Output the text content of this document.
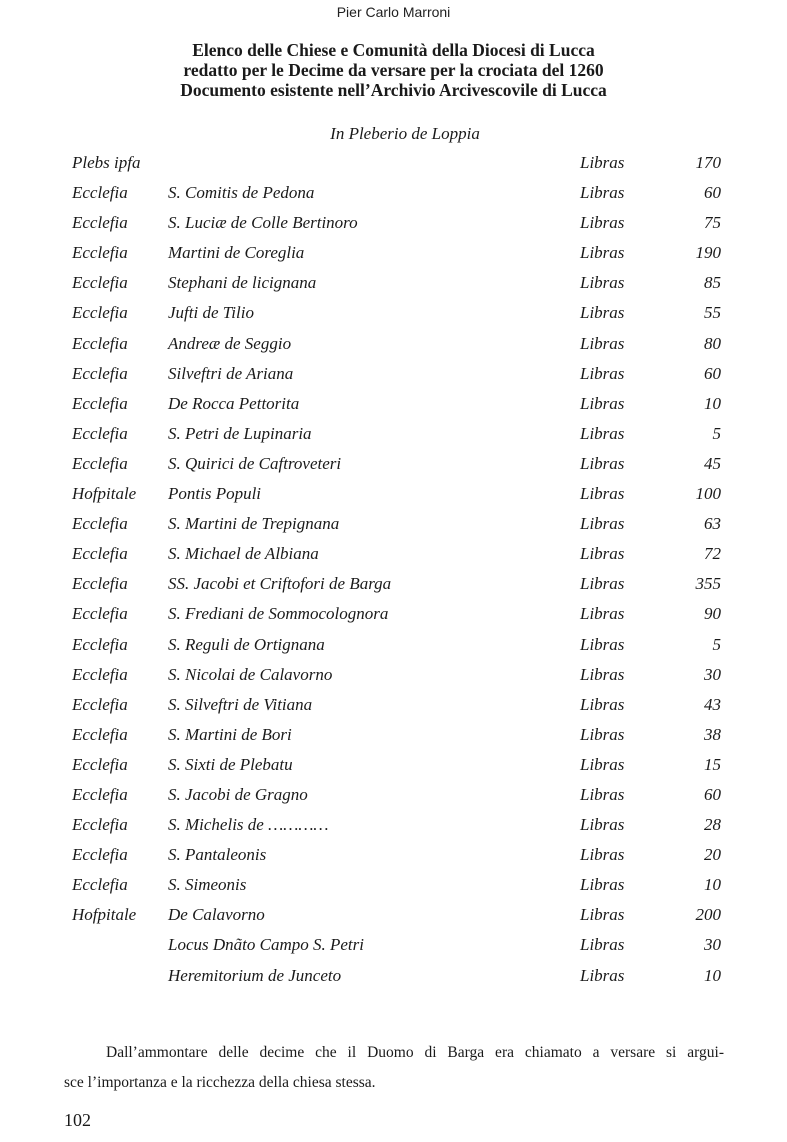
Pier Carlo Marroni
Elenco delle Chiese e Comunità della Diocesi di Lucca
redatto per le Decime da versare per la crociata del 1260
Documento esistente nell’Archivio Arcivescovile di Lucca
In Pleberio de Loppia
Plebs ipfa	Libras	170
Ecclefia S. Comitis de Pedona	Libras	60
Ecclefia S. Luciæ de Colle Bertinoro	Libras	75
Ecclefia Martini de Coreglia	Libras	190
Ecclefia Stephani de licignana	Libras	85
Ecclefia Jufti de Tilio	Libras	55
Ecclefia Andreæ de Seggio	Libras	80
Ecclefia Silveftri de Ariana	Libras	60
Ecclefia De Rocca Pettorita	Libras	10
Ecclefia S. Petri de Lupinaria	Libras	5
Ecclefia S. Quirici de Caftroveteri	Libras	45
Hofpitale Pontis Populi	Libras	100
Ecclefia S. Martini de Trepignana	Libras	63
Ecclefia S. Michael de Albiana	Libras	72
Ecclefia SS. Jacobi et Criftofori de Barga	Libras	355
Ecclefia S. Frediani de Sommocolognora	Libras	90
Ecclefia S. Reguli de Ortignana	Libras	5
Ecclefia S. Nicolai de Calavorno	Libras	30
Ecclefia S. Silveftri de Vitiana	Libras	43
Ecclefia S. Martini de Bori	Libras	38
Ecclefia S. Sixti de Plebatu	Libras	15
Ecclefia S. Jacobi de Gragno	Libras	60
Ecclefia S. Michelis de …………	Libras	28
Ecclefia S. Pantaleonis	Libras	20
Ecclefia S. Simeonis	Libras	10
Hofpitale De Calavorno	Libras	200
Locus Dnãto Campo S. Petri	Libras	30
Heremitorium de Junceto	Libras	10

Dall’ammontare delle decime che il Duomo di Barga era chiamato a versare si argui-

sce l’importanza e la ricchezza della chiesa stessa.

102
